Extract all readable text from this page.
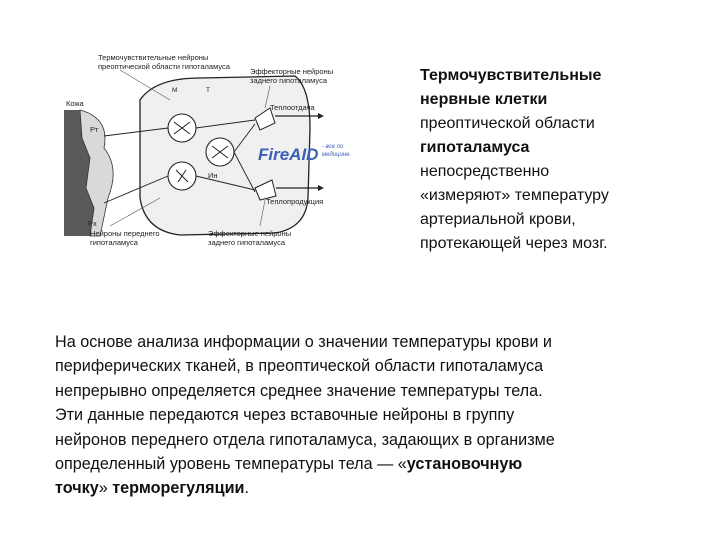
Термочувствительные нейроны
преоптической области гипоталамуса
Эффекторные нейроны
заднего гипоталамуса
Кожа	Теплоотдача
Рт
Рх
Ин
Теплопродукция
M	Т
Нейроны переднего
гипоталамуса
Эффекторные нейроны
заднего гипоталамуса
FireAID - все по
медицине.
Термочувствительные
нервные клетки
преоптической области
гипоталамуса
непосредственно
«измеряют» температуру
артериальной крови,
протекающей через мозг.
На основе анализа информации о значении температуры крови и
периферических тканей, в преоптической области гипоталамуса
непрерывно определяется среднее значение температуры тела.
Эти данные передаются через вставочные нейроны в группу
нейронов переднего отдела гипоталамуса, задающих в организме
определенный уровень температуры тела — «установочную
точку» терморегуляции.
